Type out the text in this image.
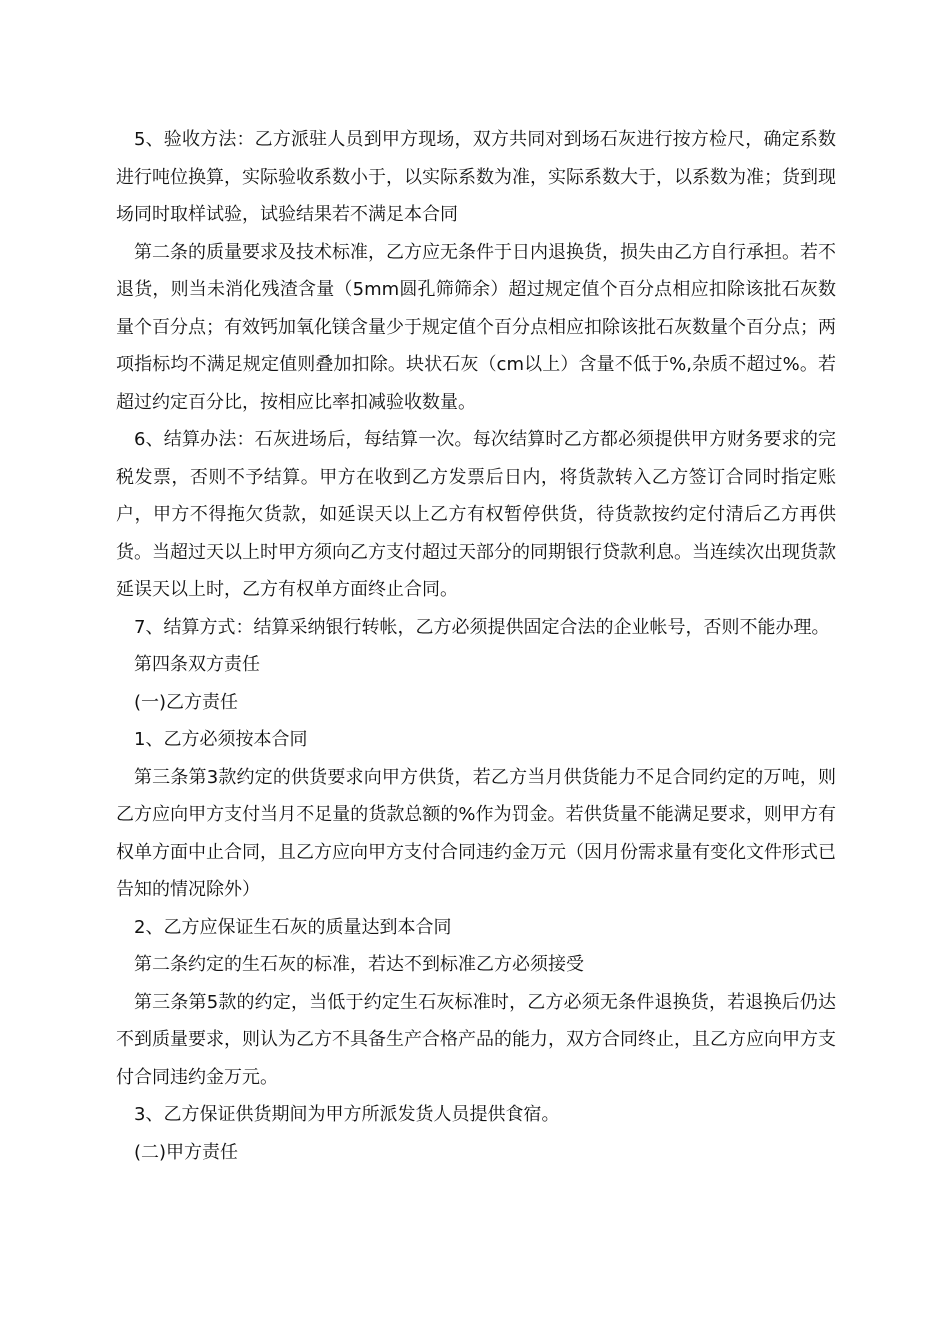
5、验收方法：乙方派驻人员到甲方现场，双方共同对到场石灰进行按方检尺，确定系数进行吨位换算，实际验收系数小于，以实际系数为准，实际系数大于，以系数为准；货到现场同时取样试验，试验结果若不满足本合同

第二条的质量要求及技术标准，乙方应无条件于日内退换货，损失由乙方自行承担。若不退货，则当未消化残渣含量（5mm圆孔筛筛余）超过规定值个百分点相应扣除该批石灰数量个百分点；有效钙加氧化镁含量少于规定值个百分点相应扣除该批石灰数量个百分点；两项指标均不满足规定值则叠加扣除。块状石灰（cm以上）含量不低于%,杂质不超过%。若超过约定百分比，按相应比率扣减验收数量。

6、结算办法：石灰进场后，每结算一次。每次结算时乙方都必须提供甲方财务要求的完税发票，否则不予结算。甲方在收到乙方发票后日内，将货款转入乙方签订合同时指定账户，甲方不得拖欠货款，如延误天以上乙方有权暂停供货，待货款按约定付清后乙方再供货。当超过天以上时甲方须向乙方支付超过天部分的同期银行贷款利息。当连续次出现货款延误天以上时，乙方有权单方面终止合同。

7、结算方式：结算采纳银行转帐，乙方必须提供固定合法的企业帐号，否则不能办理。

第四条双方责任

(一)乙方责任

1、乙方必须按本合同

第三条第3款约定的供货要求向甲方供货，若乙方当月供货能力不足合同约定的万吨，则乙方应向甲方支付当月不足量的货款总额的%作为罚金。若供货量不能满足要求，则甲方有权单方面中止合同，且乙方应向甲方支付合同违约金万元（因月份需求量有变化文件形式已告知的情况除外）

2、乙方应保证生石灰的质量达到本合同

第二条约定的生石灰的标准，若达不到标准乙方必须接受

第三条第5款的约定，当低于约定生石灰标准时，乙方必须无条件退换货，若退换后仍达不到质量要求，则认为乙方不具备生产合格产品的能力，双方合同终止，且乙方应向甲方支付合同违约金万元。

3、乙方保证供货期间为甲方所派发货人员提供食宿。

(二)甲方责任
